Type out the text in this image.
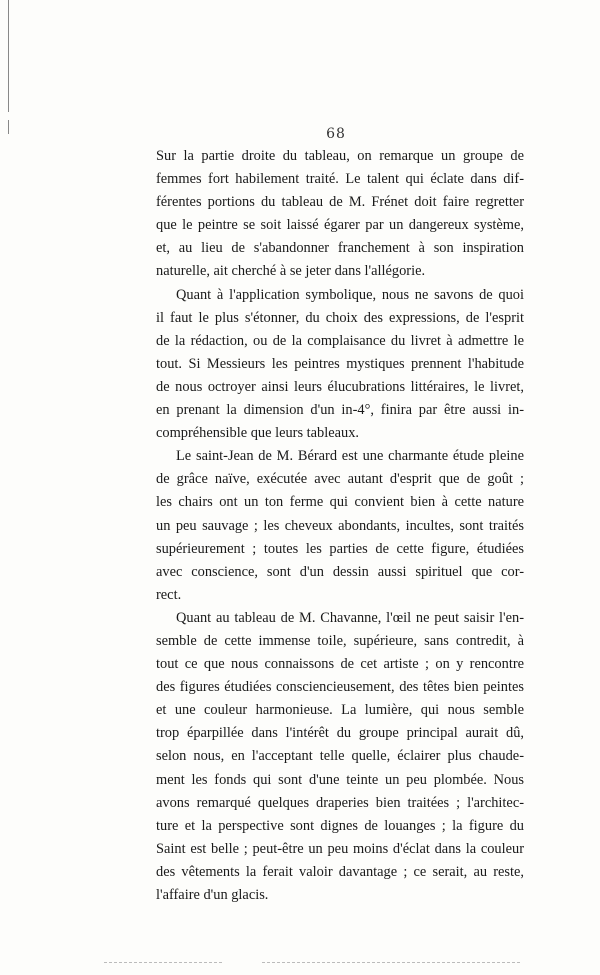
68

Sur la partie droite du tableau, on remarque un groupe de
femmes fort habilement traité. Le talent qui éclate dans dif-
férentes portions du tableau de M. Frénet doit faire regretter
que le peintre se soit laissé égarer par un dangereux système,
et, au lieu de s'abandonner franchement à son inspiration
naturelle, ait cherché à se jeter dans l'allégorie.

Quant à l'application symbolique, nous ne savons de quoi
il faut le plus s'étonner, du choix des expressions, de l'esprit
de la rédaction, ou de la complaisance du livret à admettre le
tout. Si Messieurs les peintres mystiques prennent l'habitude
de nous octroyer ainsi leurs élucubrations littéraires, le livret,
en prenant la dimension d'un in-4°, finira par être aussi in-
compréhensible que leurs tableaux.

Le saint-Jean de M. Bérard est une charmante étude pleine
de grâce naïve, exécutée avec autant d'esprit que de goût ;
les chairs ont un ton ferme qui convient bien à cette nature
un peu sauvage ; les cheveux abondants, incultes, sont traités
supérieurement ; toutes les parties de cette figure, étudiées
avec conscience, sont d'un dessin aussi spirituel que cor-
rect.

Quant au tableau de M. Chavanne, l'œil ne peut saisir l'en-
semble de cette immense toile, supérieure, sans contredit, à
tout ce que nous connaissons de cet artiste ; on y rencontre
des figures étudiées consciencieusement, des têtes bien peintes
et une couleur harmonieuse. La lumière, qui nous semble
trop éparpillée dans l'intérêt du groupe principal aurait dû,
selon nous, en l'acceptant telle quelle, éclairer plus chaude-
ment les fonds qui sont d'une teinte un peu plombée. Nous
avons remarqué quelques draperies bien traitées ; l'architec-
ture et la perspective sont dignes de louanges ; la figure du
Saint est belle ; peut-être un peu moins d'éclat dans la couleur
des vêtements la ferait valoir davantage ; ce serait, au reste,
l'affaire d'un glacis.
